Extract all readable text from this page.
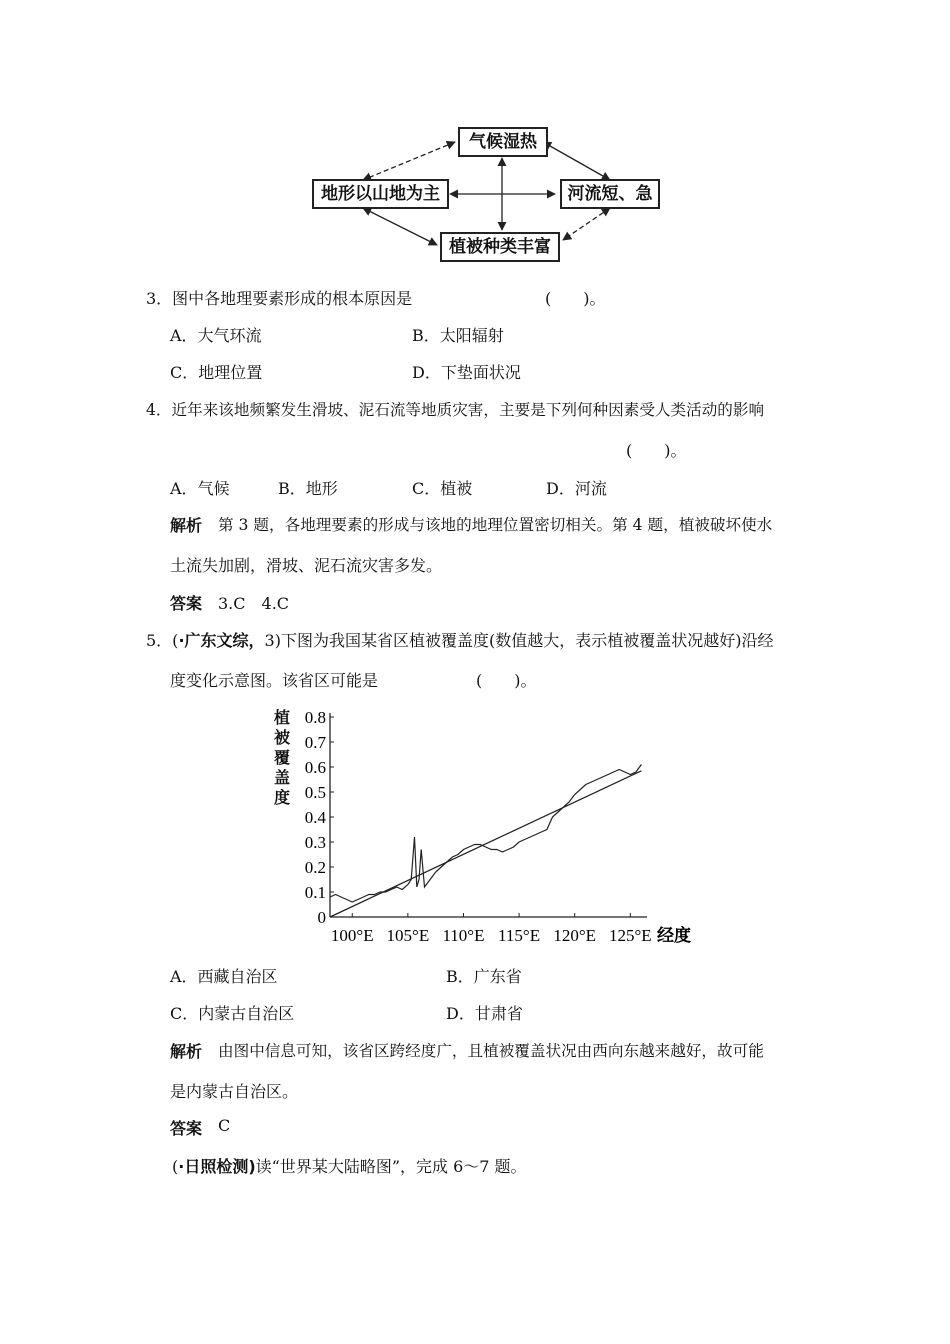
气候湿热
地形以山地为主	河流短、急
植被种类丰富
3．图中各地理要素形成的根本原因是	(　　)。
A．大气环流	B．太阳辐射
C．地理位置	D．下垫面状况
4．近年来该地频繁发生滑坡、泥石流等地质灾害，主要是下列何种因素受人类活动的影响
(　　)。
A．气候	B．地形	C．植被	D．河流
解析 第 3 题，各地理要素的形成与该地的地理位置密切相关。第 4 题，植被破坏使水
土流失加剧，滑坡、泥石流灾害多发。
答案 3.C　4.C
5．(·广东文综，3)下图为我国某省区植被覆盖度(数值越大，表示植被覆盖状况越好)沿经
度变化示意图。该省区可能是	(　　)。
植被覆盖度
0
0.1
0.2
0.3
0.4
0.5
0.6
0.7
0.8
100°E 105°E 110°E 115°E 120°E 125°E 经度
A．西藏自治区	B．广东省
C．内蒙古自治区	D．甘肃省
解析 由图中信息可知，该省区跨经度广，且植被覆盖状况由西向东越来越好，故可能
是内蒙古自治区。
答案 C
(·日照检测)读“世界某大陆略图”，完成 6～7 题。
